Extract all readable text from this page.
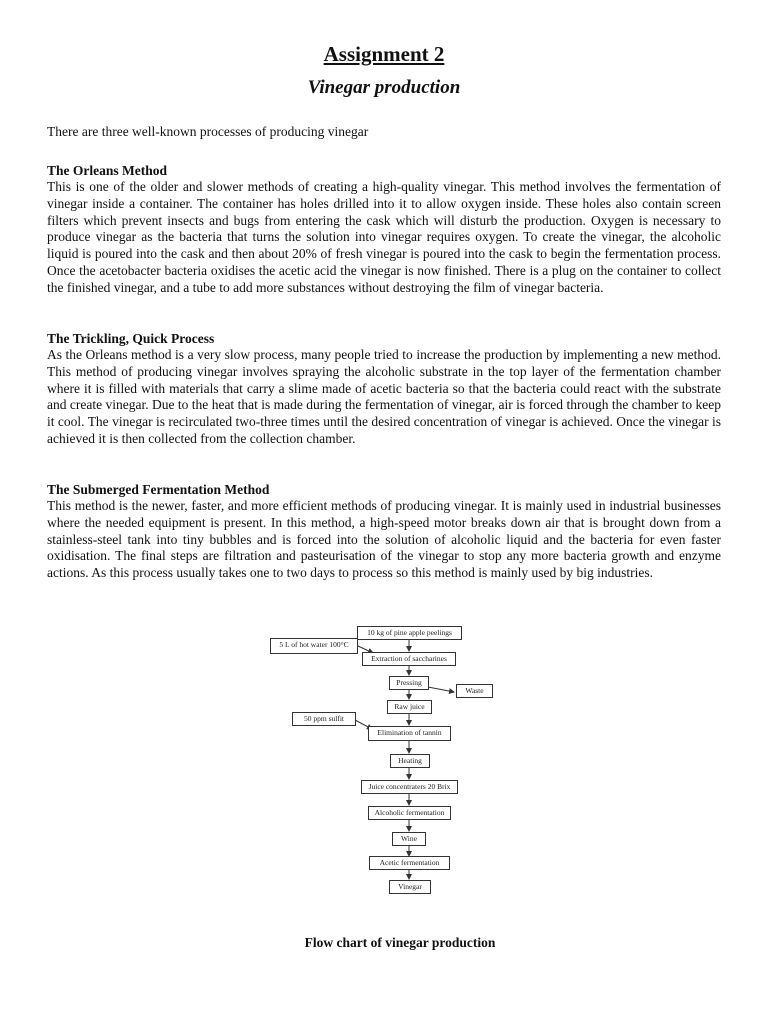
Assignment 2
Vinegar production

There are three well-known processes of producing vinegar

The Orleans Method

This is one of the older and slower methods of creating a high-quality vinegar. This method involves the fermentation of vinegar inside a container. The container has holes drilled into it to allow oxygen inside. These holes also contain screen filters which prevent insects and bugs from entering the cask which will disturb the production. Oxygen is necessary to produce vinegar as the bacteria that turns the solution into vinegar requires oxygen. To create the vinegar, the alcoholic liquid is poured into the cask and then about 20% of fresh vinegar is poured into the cask to begin the fermentation process. Once the acetobacter bacteria oxidises the acetic acid the vinegar is now finished. There is a plug on the container to collect the finished vinegar, and a tube to add more substances without destroying the film of vinegar bacteria.

The Trickling, Quick Process

As the Orleans method is a very slow process, many people tried to increase the production by implementing a new method. This method of producing vinegar involves spraying the alcoholic substrate in the top layer of the fermentation chamber where it is filled with materials that carry a slime made of acetic bacteria so that the bacteria could react with the substrate and create vinegar. Due to the heat that is made during the fermentation of vinegar, air is forced through the chamber to keep it cool. The vinegar is recirculated two-three times until the desired concentration of vinegar is achieved. Once the vinegar is achieved it is then collected from the collection chamber.

The Submerged Fermentation Method

This method is the newer, faster, and more efficient methods of producing vinegar. It is mainly used in industrial businesses where the needed equipment is present. In this method, a high-speed motor breaks down air that is brought down from a stainless-steel tank into tiny bubbles and is forced into the solution of alcoholic liquid and the bacteria for even faster oxidisation. The final steps are filtration and pasteurisation of the vinegar to stop any more bacteria growth and enzyme actions. As this process usually takes one to two days to process so this method is mainly used by big industries.

10 kg of pine apple peelings
5 L of hot water 100°C
Extraction of saccharines
Pressing
Waste
Raw juice
50 ppm sulfit
Elimination of tannin
Heating
Juice concentraters 20 Brix
Alcoholic fermentation
Wine
Acetic fermentation
Vinegar

Flow chart of vinegar production
